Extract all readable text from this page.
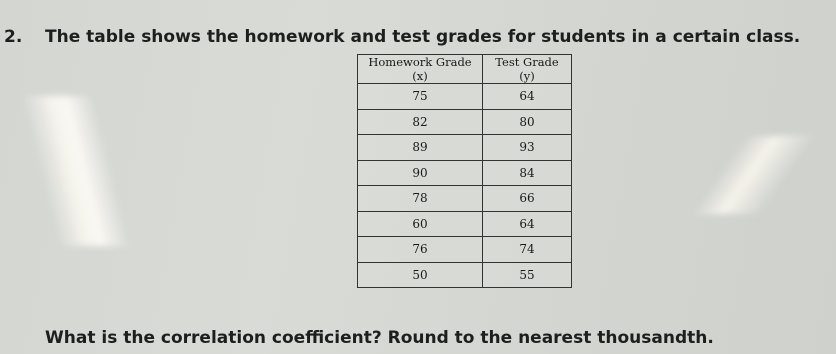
2. The table shows the homework and test grades for students in a certain class.
Homework Grade (x)	Test Grade (y)
75	64
82	80
89	93
90	84
78	66
60	64
76	74
50	55
What is the correlation coefficient? Round to the nearest thousandth.
